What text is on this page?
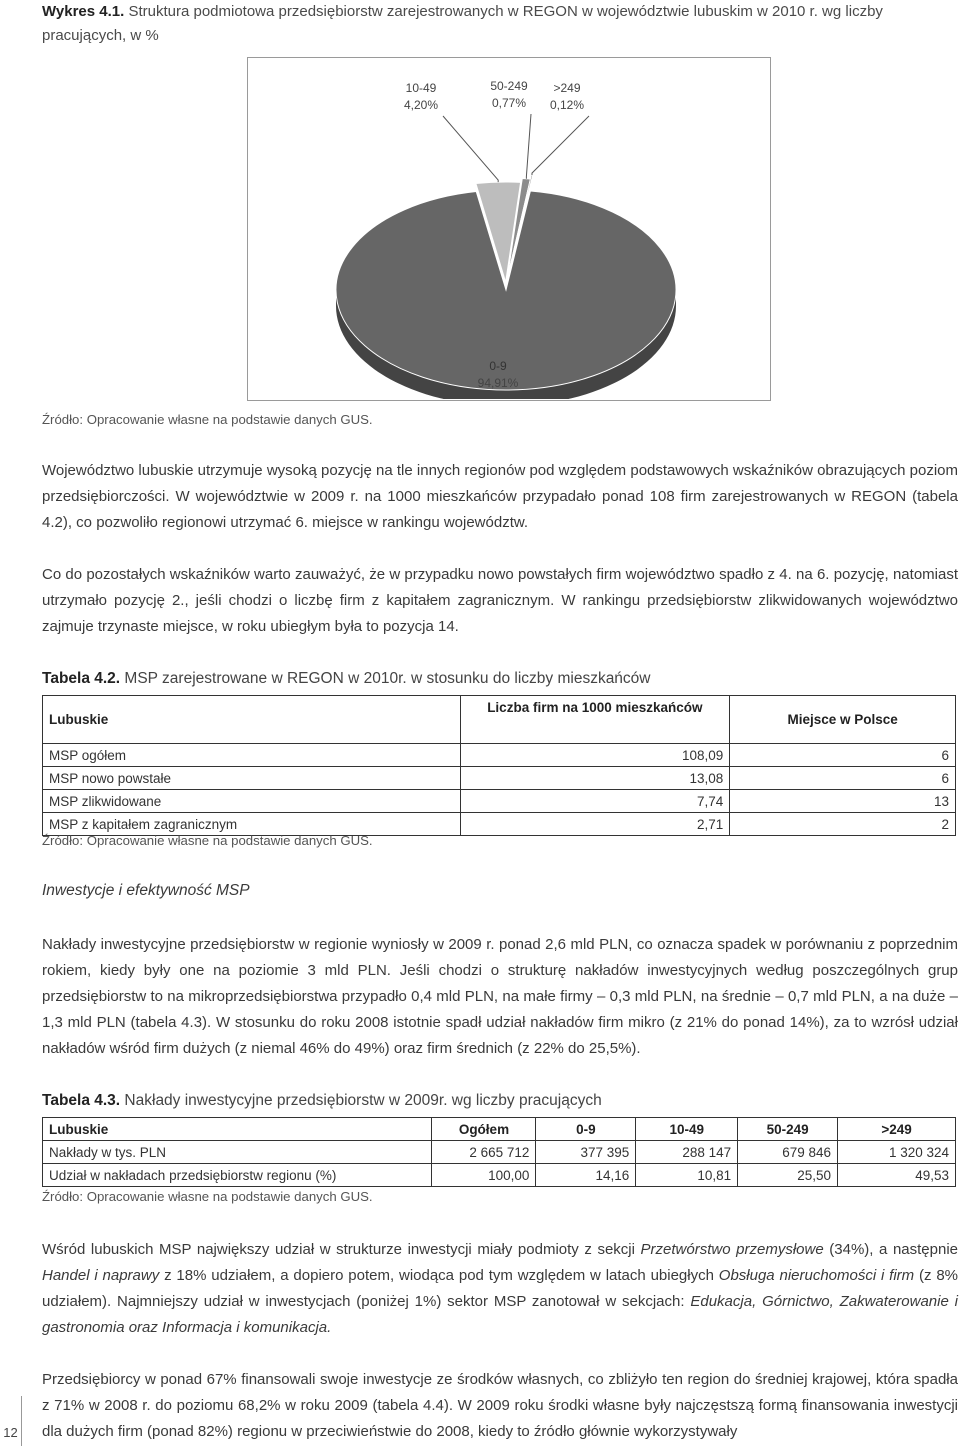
Wykres 4.1. Struktura podmiotowa przedsiębiorstw zarejestrowanych w REGON w województwie lubuskim w 2010 r. wg liczby pracujących, w %
0-9
94,91%
10-49
4,20%
50-249
0,77%
>249
0,12%
Źródło: Opracowanie własne na podstawie danych GUS.
Województwo lubuskie utrzymuje wysoką pozycję na tle innych regionów pod względem podstawowych wskaźników obrazujących poziom przedsiębiorczości. W województwie w 2009 r. na 1000 mieszkańców przypadało ponad 108 firm zarejestrowanych w REGON (tabela 4.2), co pozwoliło regionowi utrzymać 6. miejsce w rankingu województw.
Co do pozostałych wskaźników warto zauważyć, że w przypadku nowo powstałych firm województwo spadło z 4. na 6. pozycję, natomiast utrzymało pozycję 2., jeśli chodzi o liczbę firm z kapitałem zagranicznym. W rankingu przedsiębiorstw zlikwidowanych województwo zajmuje trzynaste miejsce, w roku ubiegłym była to pozycja 14.
Tabela 4.2. MSP zarejestrowane w REGON w 2010r. w stosunku do liczby mieszkańców
Lubuskie	Liczba firm na 1000 mieszkańców	Miejsce w Polsce
MSP ogółem	108,09	6
MSP nowo powstałe	13,08	6
MSP zlikwidowane	7,74	13
MSP z kapitałem zagranicznym	2,71	2
Źródło: Opracowanie własne na podstawie danych GUS.
Inwestycje i efektywność MSP
Nakłady inwestycyjne przedsiębiorstw w regionie wyniosły w 2009 r. ponad 2,6 mld PLN, co oznacza spadek w porównaniu z poprzednim rokiem, kiedy były one na poziomie 3 mld PLN. Jeśli chodzi o strukturę nakładów inwestycyjnych według poszczególnych grup przedsiębiorstw to na mikroprzedsiębiorstwa przypadło 0,4 mld PLN, na małe firmy – 0,3 mld PLN, na średnie – 0,7 mld PLN, a na duże –1,3 mld PLN (tabela 4.3). W stosunku do roku 2008 istotnie spadł udział nakładów firm mikro (z 21% do ponad 14%), za to wzrósł udział nakładów wśród firm dużych (z niemal 46% do 49%) oraz firm średnich (z 22% do 25,5%).
Tabela 4.3. Nakłady inwestycyjne przedsiębiorstw w 2009r. wg liczby pracujących
Lubuskie	Ogółem	0-9	10-49	50-249	>249
Nakłady w tys. PLN	2 665 712	377 395	288 147	679 846	1 320 324
Udział w nakładach przedsiębiorstw regionu (%)	100,00	14,16	10,81	25,50	49,53
Źródło: Opracowanie własne na podstawie danych GUS.
Wśród lubuskich MSP największy udział w strukturze inwestycji miały podmioty z sekcji Przetwórstwo przemysłowe (34%), a następnie Handel i naprawy z 18% udziałem, a dopiero potem, wiodąca pod tym względem w latach ubiegłych Obsługa nieruchomości i firm (z 8% udziałem). Najmniejszy udział w inwestycjach (poniżej 1%) sektor MSP zanotował w sekcjach: Edukacja, Górnictwo, Zakwaterowanie i gastronomia oraz Informacja i komunikacja.
Przedsiębiorcy w ponad 67% finansowali swoje inwestycje ze środków własnych, co zbliżyło ten region do średniej krajowej, która spadła z 71% w 2008 r. do poziomu 68,2% w roku 2009 (tabela 4.4). W 2009 roku środki własne były najczęstszą formą finansowania inwestycji dla dużych firm (ponad 82%) regionu w przeciwieństwie do 2008, kiedy to źródło głównie wykorzystywały
12
